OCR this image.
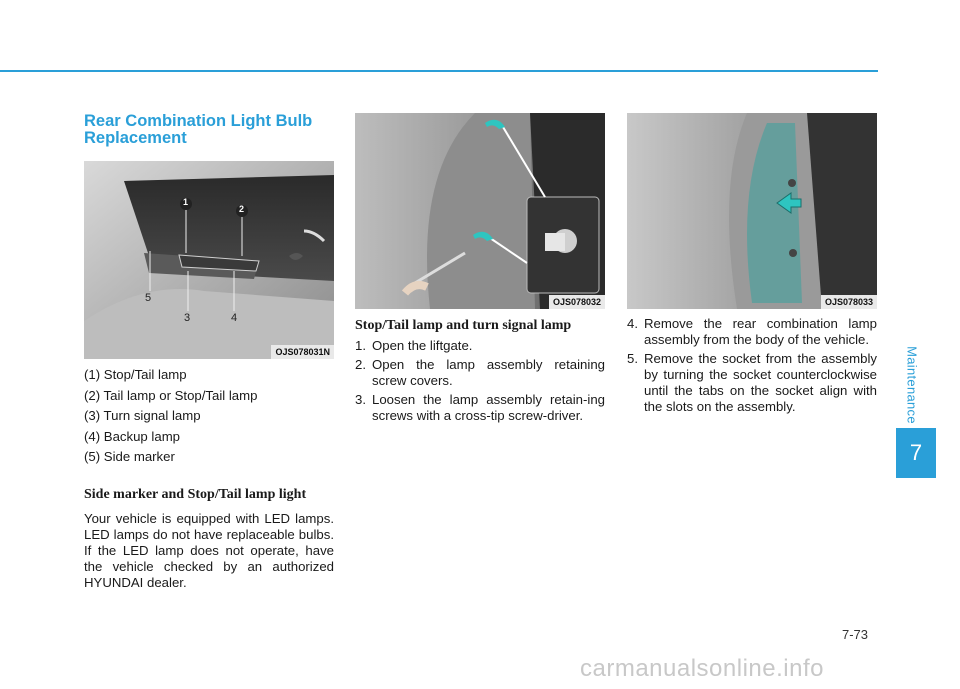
Maintenance
7
Rear Combination Light Bulb Replacement
1
2
3	4
5
OJS078031N
(1) Stop/Tail lamp
(2) Tail lamp or Stop/Tail lamp
(3) Turn signal lamp
(4) Backup lamp
(5) Side marker
Side marker and Stop/Tail lamp light

Your vehicle is equipped with LED lamps. LED lamps do not have replaceable bulbs. If the LED lamp does not operate, have the vehicle checked by an authorized HYUNDAI dealer.

OJS078032
Stop/Tail lamp and turn signal lamp
1. Open the liftgate.
2. Open the lamp assembly retaining screw covers.
3. Loosen the lamp assembly retain-ing screws with a cross-tip screw-driver.
OJS078033
4. Remove the rear combination lamp assembly from the body of the vehicle.
5. Remove the socket from the assembly by turning the socket counterclockwise until the tabs on the socket align with the slots on the assembly.
7-73
carmanualsonline.info
